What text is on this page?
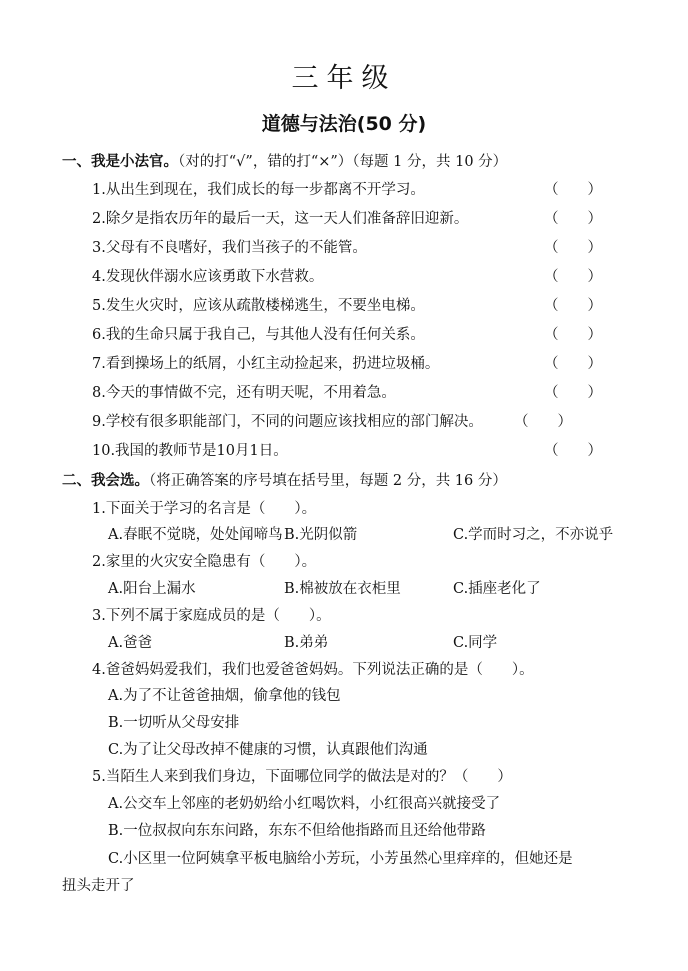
三年级
道德与法治(50 分)
一、我是小法官。（对的打“√”，错的打“×”）（每题 1 分，共 10 分）
1.从出生到现在，我们成长的每一步都离不开学习。	（　　）
2.除夕是指农历年的最后一天，这一天人们准备辞旧迎新。	（　　）
3.父母有不良嗜好，我们当孩子的不能管。	（　　）
4.发现伙伴溺水应该勇敢下水营救。	（　　）
5.发生火灾时，应该从疏散楼梯逃生，不要坐电梯。	（　　）
6.我的生命只属于我自己，与其他人没有任何关系。	（　　）
7.看到操场上的纸屑，小红主动捡起来，扔进垃圾桶。	（　　）
8.今天的事情做不完，还有明天呢，不用着急。	（　　）
9.学校有很多职能部门，不同的问题应该找相应的部门解决。 （　　）
10.我国的教师节是10月1日。	（　　）
二、我会选。（将正确答案的序号填在括号里，每题 2 分，共 16 分）
1.下面关于学习的名言是（　　）。
A.春眠不觉晓，处处闻啼鸟 B.光阴似箭	C.学而时习之，不亦说乎
2.家里的火灾安全隐患有（　　）。
A.阳台上漏水	B.棉被放在衣柜里	C.插座老化了
3.下列不属于家庭成员的是（　　）。
A.爸爸	B.弟弟	C.同学
4.爸爸妈妈爱我们，我们也爱爸爸妈妈。下列说法正确的是（　　）。
A.为了不让爸爸抽烟，偷拿他的钱包
B.一切听从父母安排
C.为了让父母改掉不健康的习惯，认真跟他们沟通
5.当陌生人来到我们身边，下面哪位同学的做法是对的？（　　）
A.公交车上邻座的老奶奶给小红喝饮料，小红很高兴就接受了
B.一位叔叔向东东问路，东东不但给他指路而且还给他带路
C.小区里一位阿姨拿平板电脑给小芳玩，小芳虽然心里痒痒的，但她还是
扭头走开了
